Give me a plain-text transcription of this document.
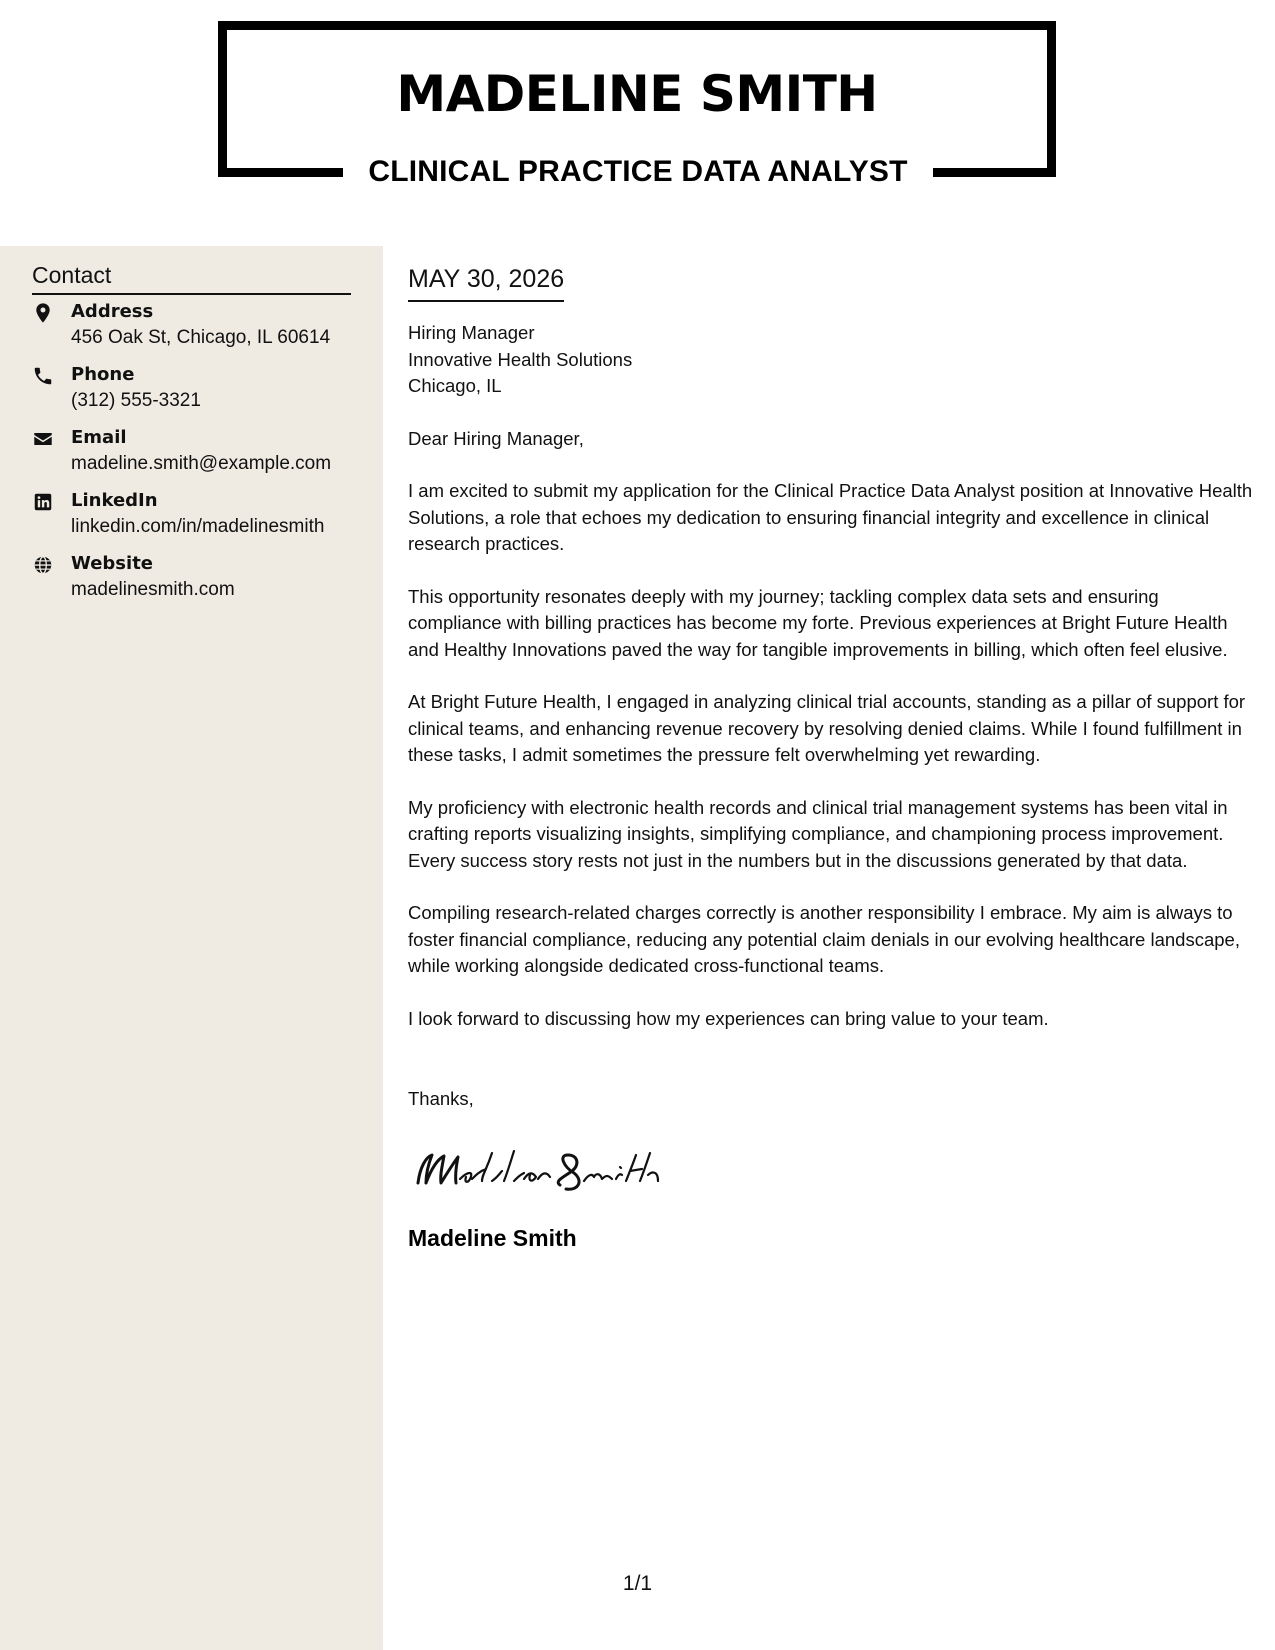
MADELINE SMITH
CLINICAL PRACTICE DATA ANALYST
Contact
Address
456 Oak St, Chicago, IL 60614
Phone
(312) 555-3321
Email
madeline.smith@example.com
LinkedIn
linkedin.com/in/madelinesmith
Website
madelinesmith.com
MAY 30, 2026
Hiring Manager
Innovative Health Solutions
Chicago, IL
Dear Hiring Manager,

I am excited to submit my application for the Clinical Practice Data Analyst position at Innovative Health Solutions, a role that echoes my dedication to ensuring financial integrity and excellence in clinical research practices.

This opportunity resonates deeply with my journey; tackling complex data sets and ensuring compliance with billing practices has become my forte. Previous experiences at Bright Future Health and Healthy Innovations paved the way for tangible improvements in billing, which often feel elusive.

At Bright Future Health, I engaged in analyzing clinical trial accounts, standing as a pillar of support for clinical teams, and enhancing revenue recovery by resolving denied claims. While I found fulfillment in these tasks, I admit sometimes the pressure felt overwhelming yet rewarding.

My proficiency with electronic health records and clinical trial management systems has been vital in crafting reports visualizing insights, simplifying compliance, and championing process improvement. Every success story rests not just in the numbers but in the discussions generated by that data.

Compiling research-related charges correctly is another responsibility I embrace. My aim is always to foster financial compliance, reducing any potential claim denials in our evolving healthcare landscape, while working alongside dedicated cross-functional teams.

I look forward to discussing how my experiences can bring value to your team.

Thanks,
Madeline Smith
1/1
